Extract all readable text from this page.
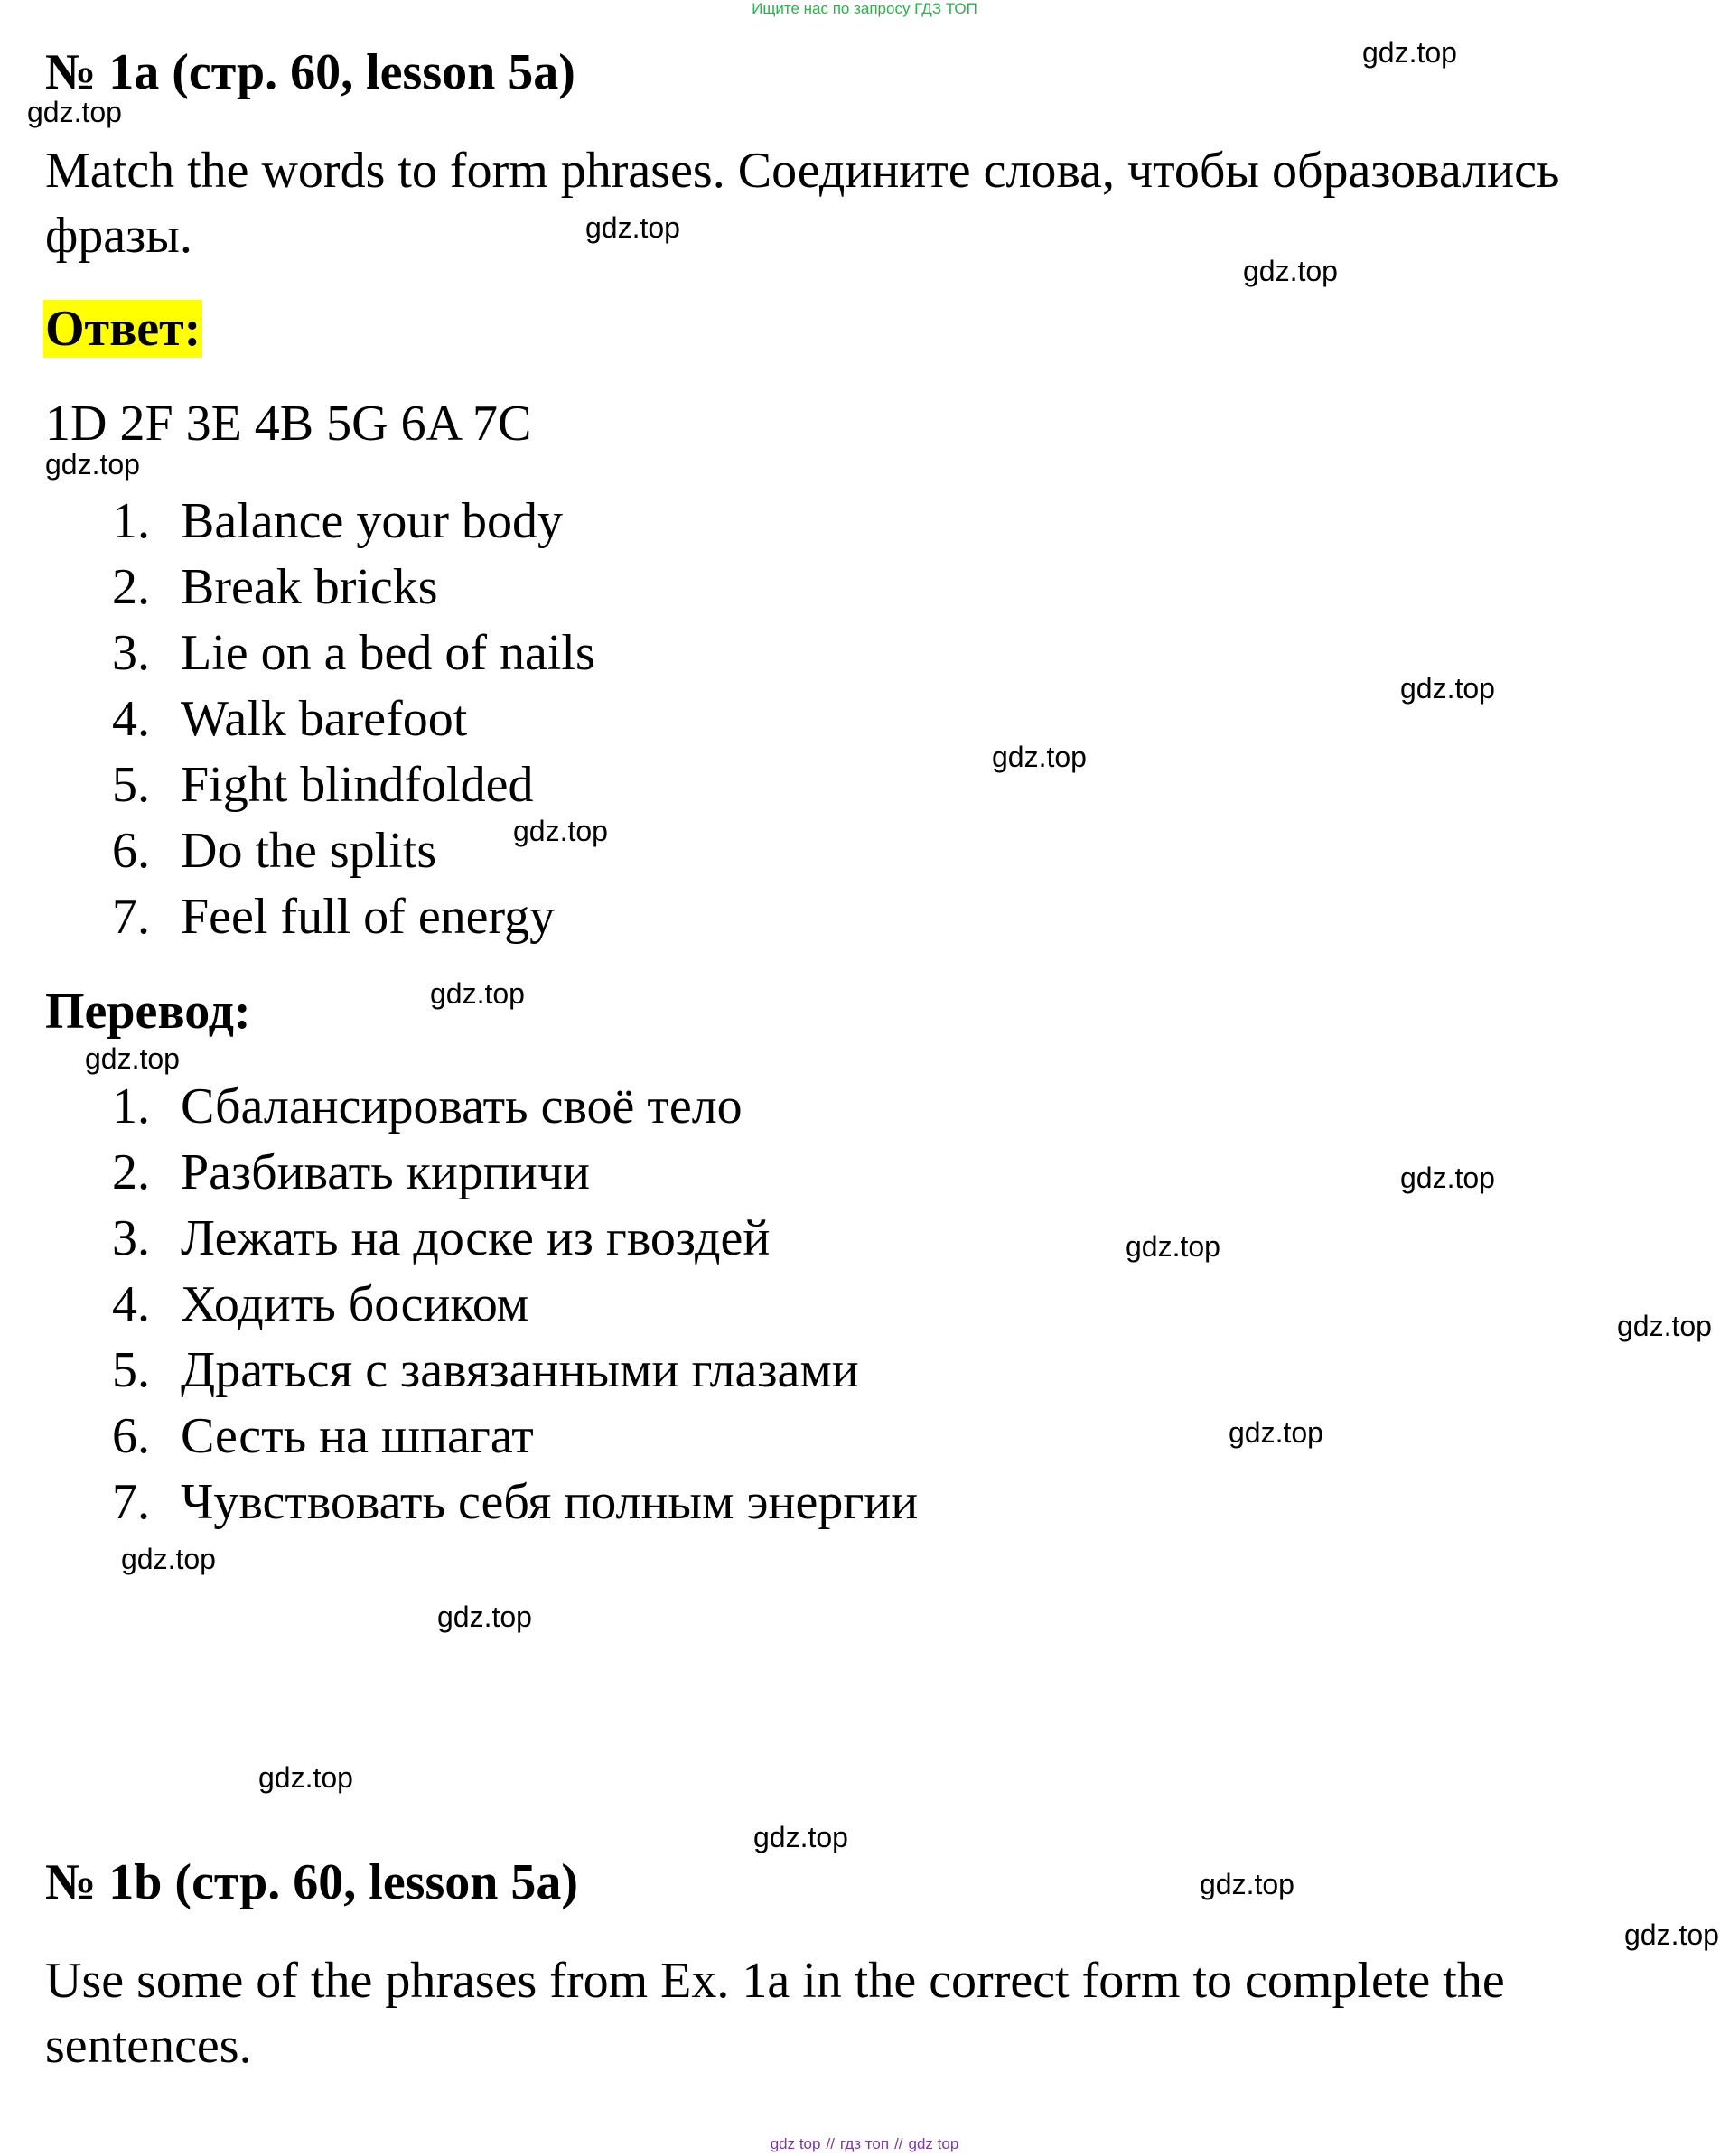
Ищите нас по запросу ГДЗ ТОП
№ 1a (стр. 60, lesson 5a)
Match the words to form phrases. Соедините слова, чтобы образовались
фразы.
Ответ:
1D 2F 3E 4B 5G 6A 7C
1. Balance your body
2. Break bricks
3. Lie on a bed of nails
4. Walk barefoot
5. Fight blindfolded
6. Do the splits
7. Feel full of energy
Перевод:
1. Сбалансировать своё тело
2. Разбивать кирпичи
3. Лежать на доске из гвоздей
4. Ходить босиком
5. Драться с завязанными глазами
6. Сесть на шпагат
7. Чувствовать себя полным энергии
№ 1b (стр. 60, lesson 5a)
Use some of the phrases from Ex. 1a in the correct form to complete the
sentences.
gdz.top
gdz.top
gdz.top
gdz.top
gdz.top
gdz.top
gdz.top
gdz.top
gdz.top
gdz.top
gdz.top
gdz.top
gdz.top
gdz.top
gdz.top
gdz.top
gdz.top
gdz.top
gdz.top
gdz.top
gdz top // гдз топ // gdz top
